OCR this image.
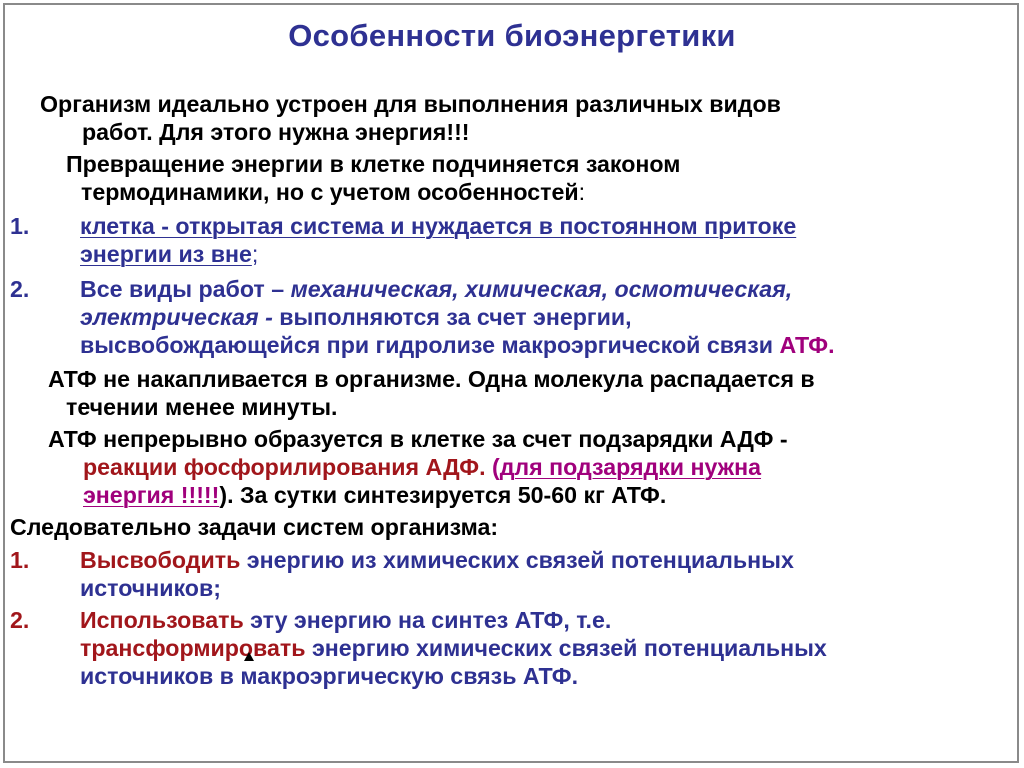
Особенности биоэнергетики
Организм идеально устроен для выполнения различных видов
работ. Для этого нужна энергия!!!
Превращение энергии в клетке подчиняется законом
термодинамики, но с учетом особенностей:
1. клетка - открытая система и нуждается в постоянном притоке
энергии из вне;
2. Все виды работ – механическая, химическая, осмотическая,
электрическая - выполняются за счет энергии,
высвобождающейся при гидролизе макроэргической связи АТФ.
АТФ не накапливается в организме. Одна молекула распадается в
течении менее минуты.
АТФ непрерывно образуется в клетке за счет подзарядки АДФ -
реакции фосфорилирования АДФ. (для подзарядки нужна
энергия !!!!!). За сутки синтезируется 50-60 кг АТФ.
Следовательно задачи систем организма:
1. Высвободить энергию из химических связей потенциальных
источников;
2. Использовать эту энергию на синтез АТФ, т.е.
трансформировать энергию химических связей потенциальных
источников в макроэргическую связь АТФ.
